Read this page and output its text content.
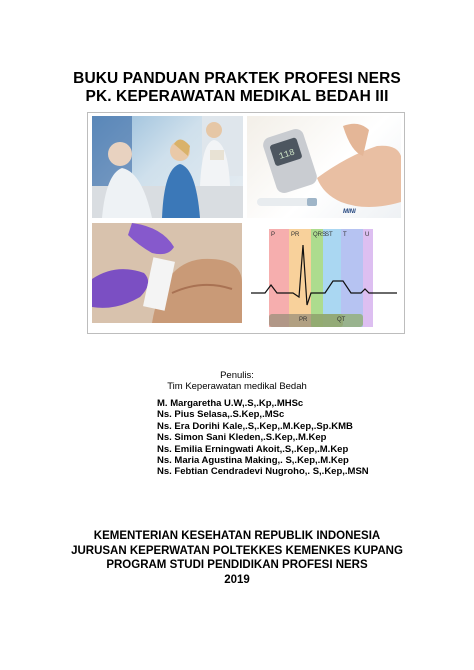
BUKU PANDUAN PRAKTEK PROFESI NERS
PK. KEPERAWATAN MEDIKAL BEDAH III
118
MINI
PR	QT
P	PR QRS
ST T	U
Penulis:
Tim Keperawatan medikal Bedah
M. Margaretha U.W,.S,.Kp,.MHSc
Ns. Pius Selasa,.S.Kep,.MSc
Ns. Era Dorihi Kale,.S,.Kep,.M.Kep,.Sp.KMB
Ns. Simon Sani Kleden,.S.Kep,.M.Kep
Ns. Emilia Erningwati Akoit,.S,.Kep,.M.Kep
Ns. Maria Agustina Making,. S,.Kep,.M.Kep
Ns. Febtian Cendradevi Nugroho,. S,.Kep,.MSN
KEMENTERIAN KESEHATAN REPUBLIK INDONESIA
JURUSAN KEPERWATAN POLTEKKES KEMENKES KUPANG
PROGRAM STUDI PENDIDIKAN PROFESI NERS
2019
